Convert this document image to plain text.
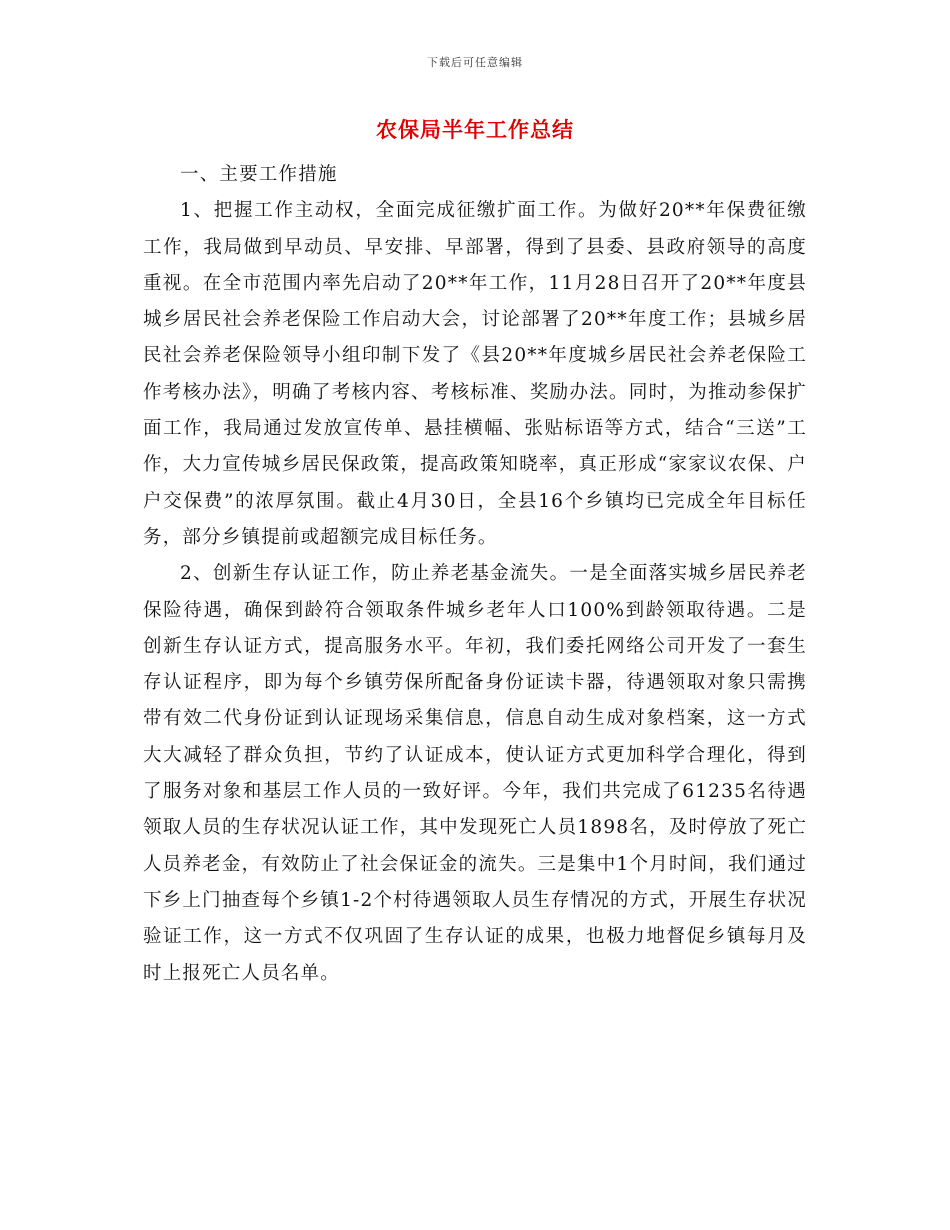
下载后可任意编辑
农保局半年工作总结

一、主要工作措施

1、把握工作主动权，全面完成征缴扩面工作。为做好20**年保费征缴工作，我局做到早动员、早安排、早部署，得到了县委、县政府领导的高度重视。在全市范围内率先启动了20**年工作，11月28日召开了20**年度县城乡居民社会养老保险工作启动大会，讨论部署了20**年度工作；县城乡居民社会养老保险领导小组印制下发了《县20**年度城乡居民社会养老保险工作考核办法》，明确了考核内容、考核标准、奖励办法。同时，为推动参保扩面工作，我局通过发放宣传单、悬挂横幅、张贴标语等方式，结合“三送”工作，大力宣传城乡居民保政策，提高政策知晓率，真正形成“家家议农保、户户交保费”的浓厚氛围。截止4月30日，全县16个乡镇均已完成全年目标任务，部分乡镇提前或超额完成目标任务。

2、创新生存认证工作，防止养老基金流失。一是全面落实城乡居民养老保险待遇，确保到龄符合领取条件城乡老年人口100%到龄领取待遇。二是创新生存认证方式，提高服务水平。年初，我们委托网络公司开发了一套生存认证程序，即为每个乡镇劳保所配备身份证读卡器，待遇领取对象只需携带有效二代身份证到认证现场采集信息，信息自动生成对象档案，这一方式大大减轻了群众负担，节约了认证成本，使认证方式更加科学合理化，得到了服务对象和基层工作人员的一致好评。今年，我们共完成了61235名待遇领取人员的生存状况认证工作，其中发现死亡人员1898名，及时停放了死亡人员养老金，有效防止了社会保证金的流失。三是集中1个月时间，我们通过下乡上门抽查每个乡镇1-2个村待遇领取人员生存情况的方式，开展生存状况验证工作，这一方式不仅巩固了生存认证的成果，也极力地督促乡镇每月及时上报死亡人员名单。
